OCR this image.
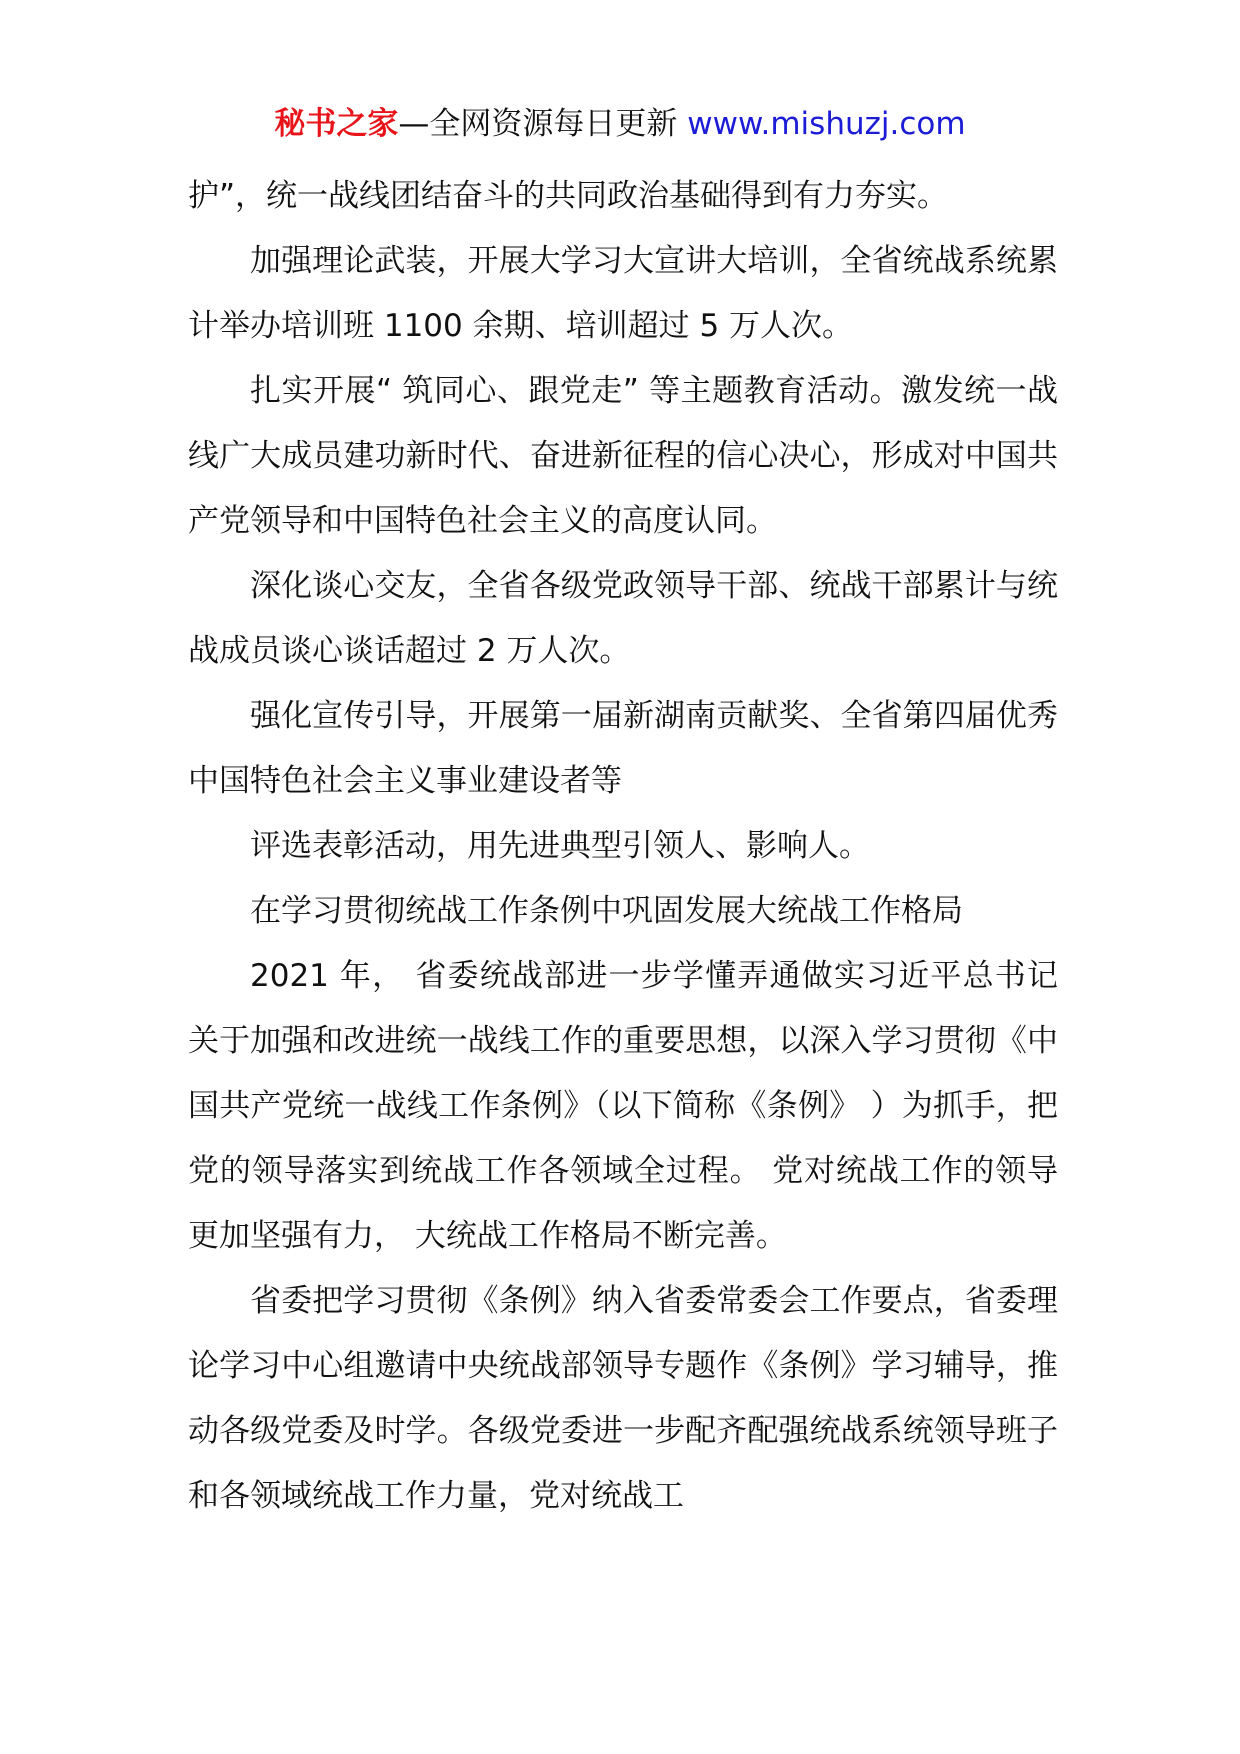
秘书之家—全网资源每日更新 www.mishuzj.com

护”，统一战线团结奋斗的共同政治基础得到有力夯实。

加强理论武装，开展大学习大宣讲大培训，全省统战系统累计举办培训班 1100 余期、培训超过 5 万人次。

扎实开展“ 筑同心、跟党走” 等主题教育活动。激发统一战线广大成员建功新时代、奋进新征程的信心决心，形成对中国共产党领导和中国特色社会主义的高度认同。

深化谈心交友，全省各级党政领导干部、统战干部累计与统战成员谈心谈话超过 2 万人次。

强化宣传引导，开展第一届新湖南贡献奖、全省第四届优秀中国特色社会主义事业建设者等

评选表彰活动，用先进典型引领人、影响人。

在学习贯彻统战工作条例中巩固发展大统战工作格局

2021 年， 省委统战部进一步学懂弄通做实习近平总书记关于加强和改进统一战线工作的重要思想，以深入学习贯彻《中国共产党统一战线工作条例》（以下简称《条例》 ）为抓手，把党的领导落实到统战工作各领域全过程。 党对统战工作的领导更加坚强有力， 大统战工作格局不断完善。

省委把学习贯彻《条例》纳入省委常委会工作要点，省委理论学习中心组邀请中央统战部领导专题作《条例》学习辅导，推动各级党委及时学。各级党委进一步配齐配强统战系统领导班子和各领域统战工作力量，党对统战工
